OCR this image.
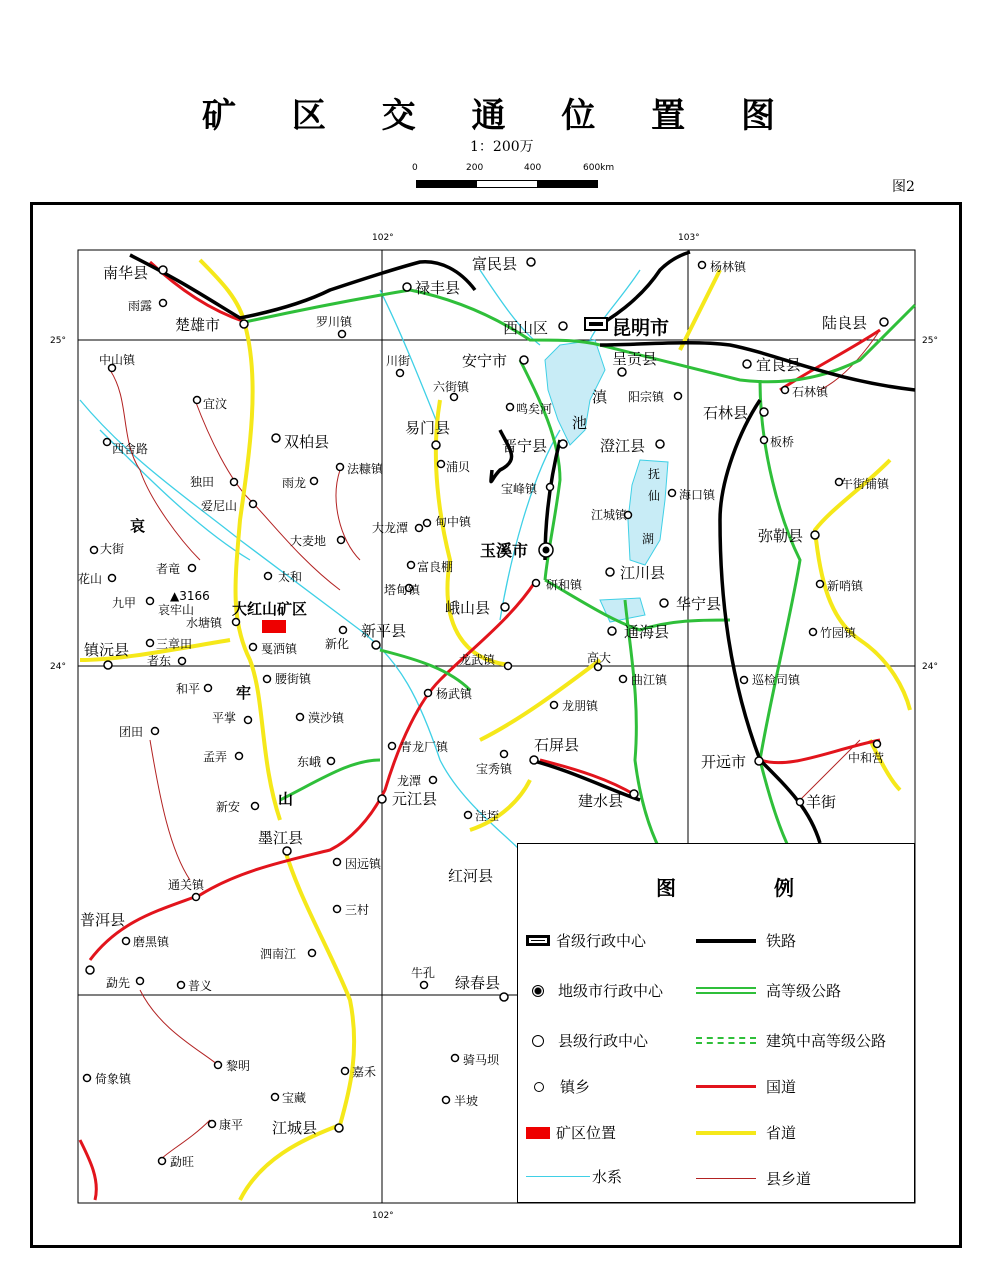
矿 区 交 通 位 置 图
1：200万
0	200	400	600km
图2
102°	103°
25°
24°
25°
24°
102°
南华县
雨露
楚雄市	罗川镇
禄丰县
富民县	杨林镇
西山区	昆明市	陆良县
中山镇	川街	安宁市	呈贡县	宜良县
石林镇
宜汶
六街镇
鸣矣河
阳宗镇
石林县
西舍路	双柏县
易门县
晋宁县	澄江县	板桥
滇
池
独田	雨龙
法糠镇	浦贝
宝峰镇	海口镇
午街铺镇
爱尼山
抚
仙
湖
江城镇
大龙潭 甸中镇
弥勒县
哀
大街
大麦地
富良棚
玉溪市
者竜
太和
研和镇
江川县
新哨镇
花山
塔甸镇
▲3166
九甲 哀牢山	大红山矿区	峨山县	华宁县
水塘镇	新平县	通海县	竹园镇
三章田	戛洒镇 新化
者东
镇沅县	高大
龙武镇
曲江镇
腰街镇	巡检司镇
和平 牢	杨武镇
平掌	漠沙镇
龙朋镇
团田
青龙厂镇	石屏县
中和营
孟弄	东峨	宝秀镇
龙潭
开远市
山
新安	元江县	建水县	羊街
洼垤
墨江县
因远镇
红河县
通关镇
三村
普洱县
磨黑镇
泗南江
牛孔
绿春县
勐先	普义
骑马坝
黎明
倚象镇	嘉禾
宝藏	半坡
康平 江城县
勐旺
图	例
省级行政中心
地级市行政中心
县级行政中心
镇乡
矿区位置
水系
铁路
高等级公路
建筑中高等级公路
国道
省道
县乡道
